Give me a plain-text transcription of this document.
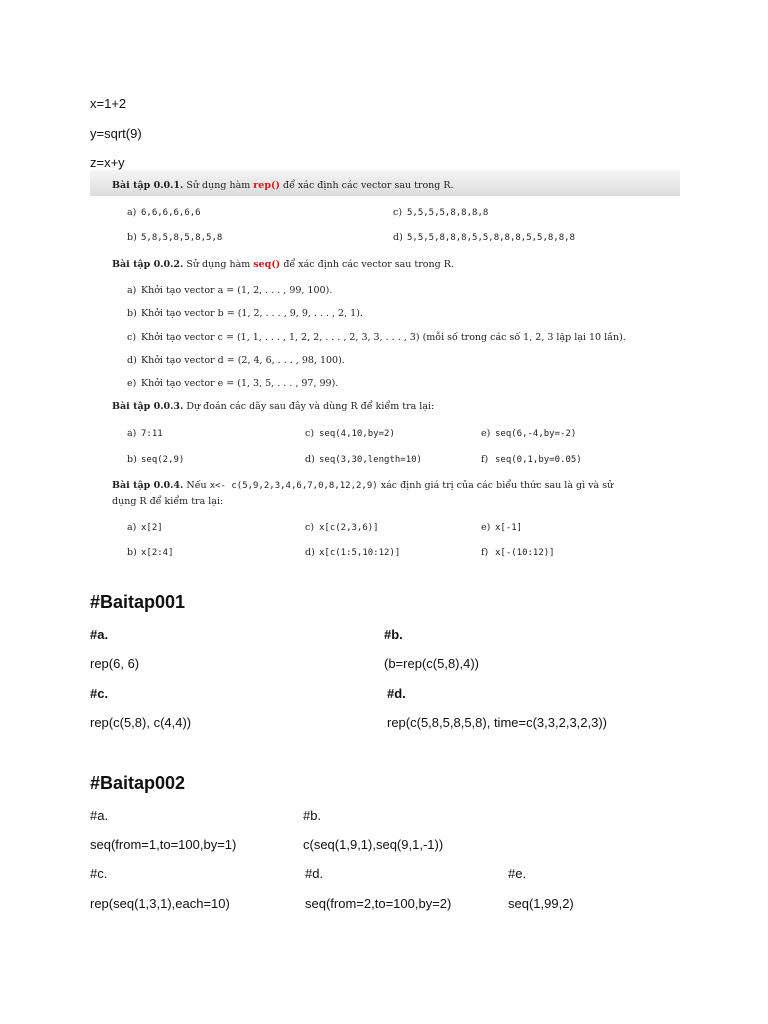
x=1+2
y=sqrt(9)
z=x+y
Bài tập 0.0.1. Sử dụng hàm rep() để xác định các vector sau trong R.
a) 6,6,6,6,6,6	c) 5,5,5,5,8,8,8,8
b) 5,8,5,8,5,8,5,8	d) 5,5,5,8,8,8,5,5,8,8,8,5,5,8,8,8
Bài tập 0.0.2. Sử dụng hàm seq() để xác định các vector sau trong R.
a) Khởi tạo vector a = (1, 2, . . . , 99, 100).
b) Khởi tạo vector b = (1, 2, . . . , 9, 9, . . . , 2, 1).
c) Khởi tạo vector c = (1, 1, . . . , 1, 2, 2, . . . , 2, 3, 3, . . . , 3) (mỗi số trong các số 1, 2, 3 lặp lại 10 lần).
d) Khởi tạo vector d = (2, 4, 6, . . . , 98, 100).
e) Khởi tạo vector e = (1, 3, 5, . . . , 97, 99).
Bài tập 0.0.3. Dự đoán các dãy sau đây và dùng R để kiểm tra lại:
a) 7:11	c) seq(4,10,by=2)	e) seq(6,-4,by=-2)
b) seq(2,9)	d) seq(3,30,length=10)	f) seq(0,1,by=0.05)
Bài tập 0.0.4. Nếu x<- c(5,9,2,3,4,6,7,0,8,12,2,9) xác định giá trị của các biểu thức sau là gì và sử
dụng R để kiểm tra lại:
a) x[2]	c) x[c(2,3,6)]	e) x[-1]
b) x[2:4]	d) x[c(1:5,10:12)]	f) x[-(10:12)]
#Baitap001
#a.	#b.
rep(6, 6)	(b=rep(c(5,8),4))
#c.	#d.
rep(c(5,8), c(4,4))	rep(c(5,8,5,8,5,8), time=c(3,3,2,3,2,3))
#Baitap002
#a.	#b.
seq(from=1,to=100,by=1)	c(seq(1,9,1),seq(9,1,-1))
#c.	#d.	#e.
rep(seq(1,3,1),each=10)	seq(from=2,to=100,by=2)	seq(1,99,2)
